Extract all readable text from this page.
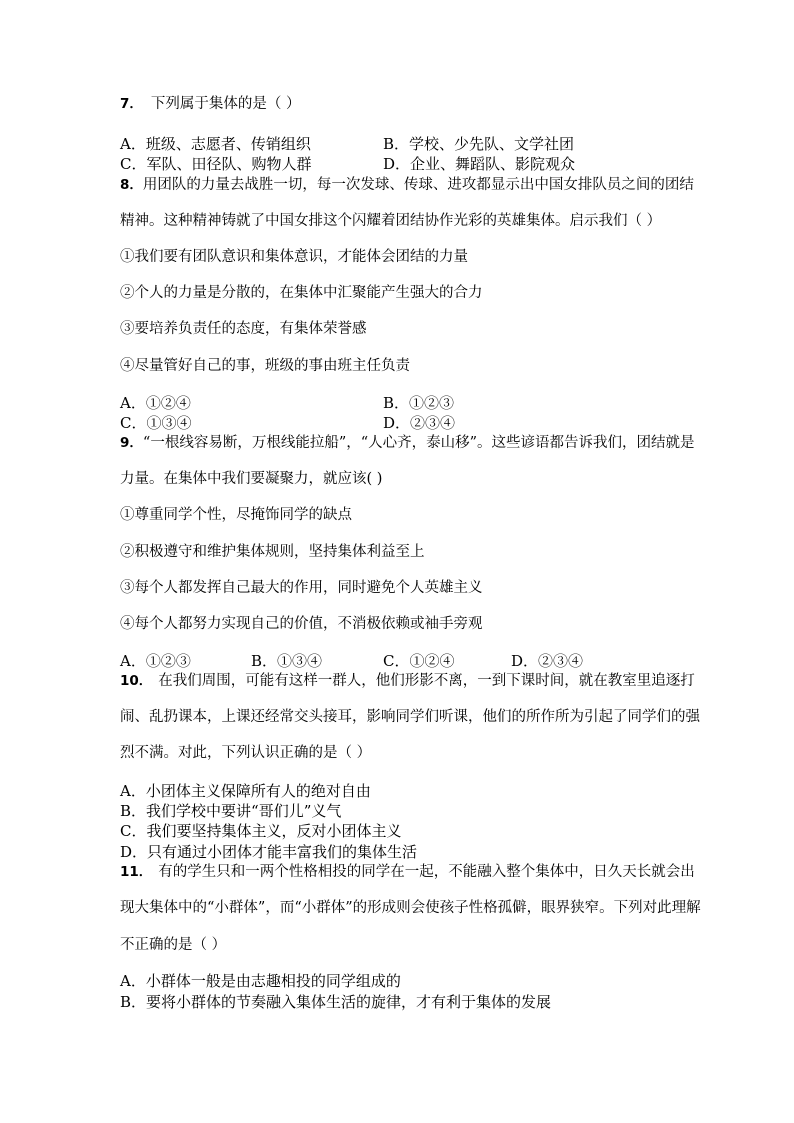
7． 下列属于集体的是（ ）
A．班级、志愿者、传销组织	B．学校、少先队、文学社团
C．军队、田径队、购物人群	D．企业、舞蹈队、影院观众
8．用团队的力量去战胜一切，每一次发球、传球、进攻都显示出中国女排队员之间的团结
精神。这种精神铸就了中国女排这个闪耀着团结协作光彩的英雄集体。启示我们（ ）
①我们要有团队意识和集体意识，才能体会团结的力量
②个人的力量是分散的，在集体中汇聚能产生强大的合力
③要培养负责任的态度，有集体荣誉感
④尽量管好自己的事，班级的事由班主任负责
A．①②④	B．①②③
C．①③④	D．②③④
9．“一根线容易断，万根线能拉船”，“人心齐，泰山移”。这些谚语都告诉我们，团结就是
力量。在集体中我们要凝聚力，就应该( )
①尊重同学个性，尽掩饰同学的缺点
②积极遵守和维护集体规则，坚持集体利益至上
③每个人都发挥自己最大的作用，同时避免个人英雄主义
④每个人都努力实现自己的价值，不消极依赖或袖手旁观
A．①②③	B．①③④	C．①②④	D．②③④
10． 在我们周围，可能有这样一群人，他们形影不离，一到下课时间，就在教室里追逐打
闹、乱扔课本，上课还经常交头接耳，影响同学们听课，他们的所作所为引起了同学们的强
烈不满。对此，下列认识正确的是（ ）
A．小团体主义保障所有人的绝对自由
B．我们学校中要讲“哥们儿”义气
C．我们要坚持集体主义，反对小团体主义
D．只有通过小团体才能丰富我们的集体生活
11． 有的学生只和一两个性格相投的同学在一起，不能融入整个集体中，日久天长就会出
现大集体中的“小群体”，而“小群体”的形成则会使孩子性格孤僻，眼界狭窄。下列对此理解
不正确的是（ ）
A．小群体一般是由志趣相投的同学组成的
B．要将小群体的节奏融入集体生活的旋律，才有利于集体的发展
